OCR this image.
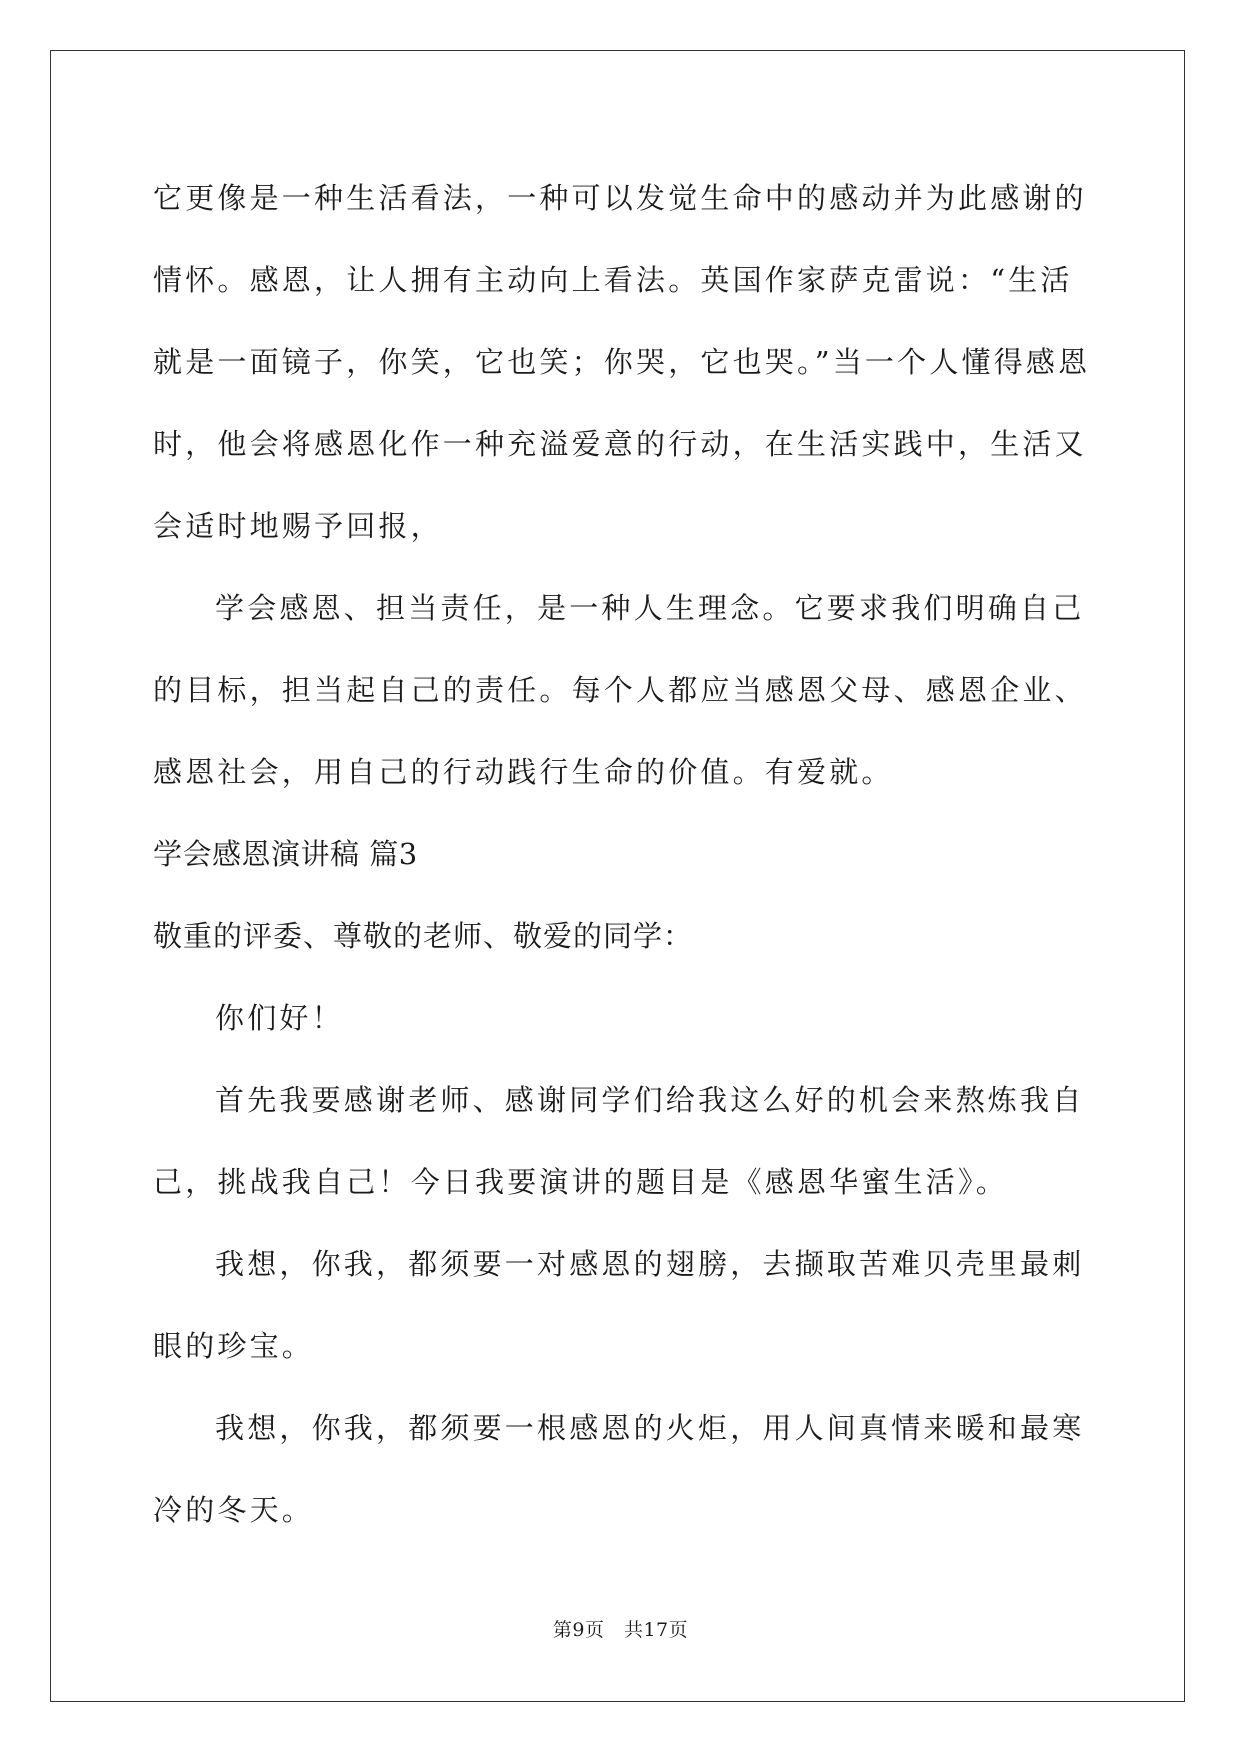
它更像是一种生活看法，一种可以发觉生命中的感动并为此感谢的情怀。感恩，让人拥有主动向上看法。英国作家萨克雷说：“生活就是一面镜子，你笑，它也笑；你哭，它也哭。”当一个人懂得感恩时，他会将感恩化作一种充溢爱意的行动，在生活实践中，生活又会适时地赐予回报，

学会感恩、担当责任，是一种人生理念。它要求我们明确自己的目标，担当起自己的责任。每个人都应当感恩父母、感恩企业、感恩社会，用自己的行动践行生命的价值。有爱就。

学会感恩演讲稿 篇3

敬重的评委、尊敬的老师、敬爱的同学：

你们好！

首先我要感谢老师、感谢同学们给我这么好的机会来熬炼我自己，挑战我自己！今日我要演讲的题目是《感恩华蜜生活》。

我想，你我，都须要一对感恩的翅膀，去撷取苦难贝壳里最刺眼的珍宝。

我想，你我，都须要一根感恩的火炬，用人间真情来暖和最寒冷的冬天。

第9页　共17页
